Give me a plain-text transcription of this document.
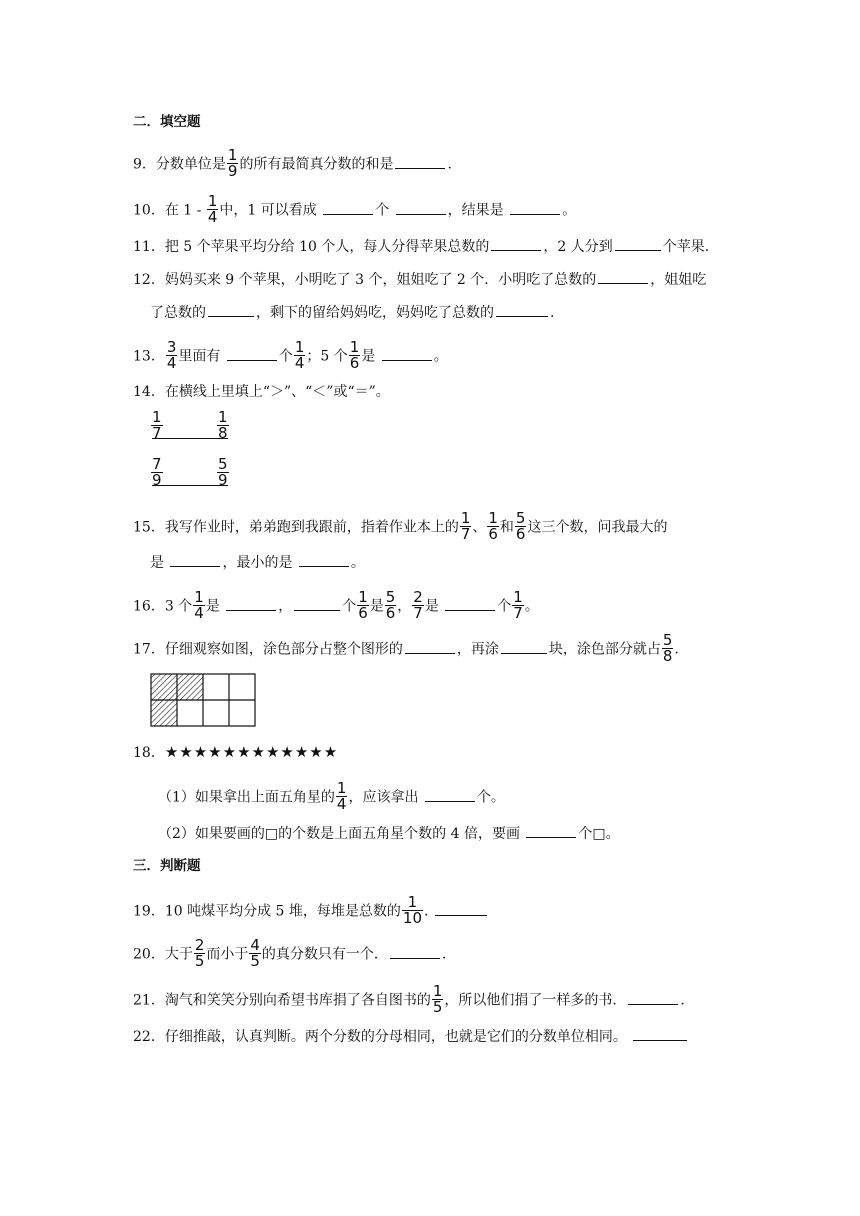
二．填空题
9．分数单位是 $\frac{1}{9}$ 的所有最简真分数的和是	.
10．在 $1 - \frac{1}{4}$ 中，1 可以看成	个	，结果是	。
11．把 5 个苹果平均分给 10 个人，每人分得苹果总数的	，2 人分到	个苹果.
12．妈妈买来 9 个苹果，小明吃了 3 个，姐姐吃了 2 个．小明吃了总数的	，姐姐吃
了总数的	，剩下的留给妈妈吃，妈妈吃了总数的	.
13． $\frac{3}{4}$ 里面有	个 $\frac{1}{4}$ ；5 个 $\frac{1}{6}$ 是	。
14．在横线上里填上“＞”、“＜”或“＝”。
$\frac{1}{7}$	$\frac{1}{8}$
$\frac{7}{9}$	$\frac{5}{9}$
15．我写作业时，弟弟跑到我跟前，指着作业本上的 $\frac{1}{7}$ 、 $\frac{1}{6}$ 和 $\frac{5}{6}$ 这三个数，问我最大的
是	，最小的是	。
16．3 个 $\frac{1}{4}$ 是	，	个 $\frac{1}{6}$ 是 $\frac{5}{6}$ ， $\frac{2}{7}$ 是	个 $\frac{1}{7}$ 。
17．仔细观察如图，涂色部分占整个图形的	，再涂	块，涂色部分就占 $\frac{5}{8}$ .
18．★★★★★★★★★★★★
（1）如果拿出上面五角星的 $\frac{1}{4}$ ，应该拿出	个。
（2）如果要画的□的个数是上面五角星个数的 4 倍，要画	个□。
三．判断题
19．10 吨煤平均分成 5 堆，每堆是总数的 $\frac{1}{10}$ .
20．大于 $\frac{2}{5}$ 而小于 $\frac{4}{5}$ 的真分数只有一个．	.
21．淘气和笑笑分别向希望书库捐了各自图书的 $\frac{1}{5}$ ，所以他们捐了一样多的书．	.
22．仔细推敲，认真判断。两个分数的分母相同，也就是它们的分数单位相同。
